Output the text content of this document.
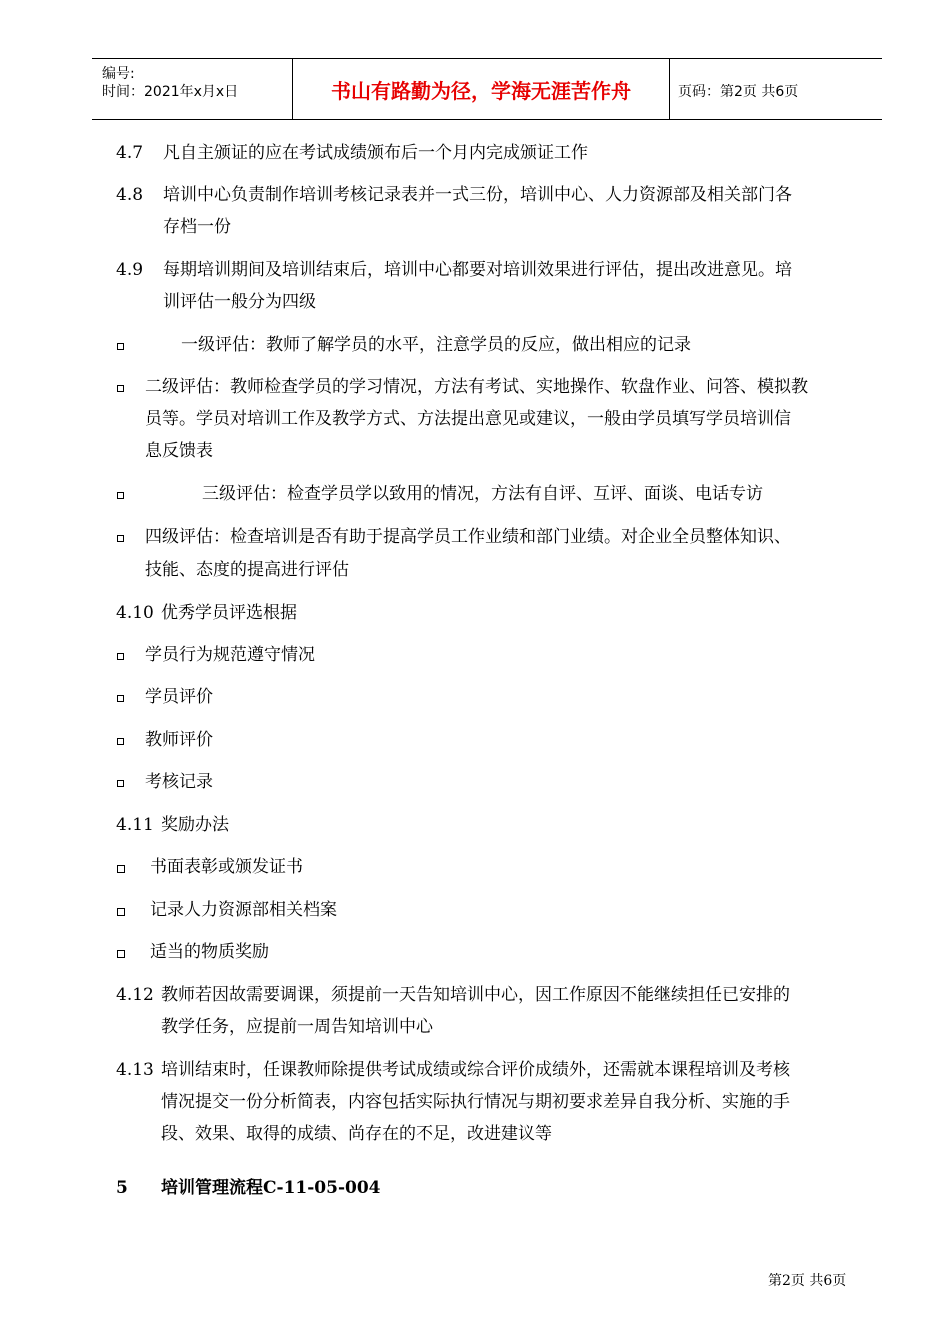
编号:
时间：2021年x月x日	书山有路勤为径，学海无涯苦作舟	页码：第2页 共6页
4.7 凡自主颁证的应在考试成绩颁布后一个月内完成颁证工作
4.8 培训中心负责制作培训考核记录表并一式三份，培训中心、人力资源部及相关部门各
存档一份
4.9 每期培训期间及培训结束后，培训中心都要对培训效果进行评估，提出改进意见。培
训评估一般分为四级
一级评估：教师了解学员的水平，注意学员的反应，做出相应的记录
二级评估：教师检查学员的学习情况，方法有考试、实地操作、软盘作业、问答、模拟教
员等。学员对培训工作及教学方式、方法提出意见或建议，一般由学员填写学员培训信
息反馈表
三级评估：检查学员学以致用的情况，方法有自评、互评、面谈、电话专访
四级评估：检查培训是否有助于提高学员工作业绩和部门业绩。对企业全员整体知识、
技能、态度的提高进行评估
4.10 优秀学员评选根据
学员行为规范遵守情况
学员评价
教师评价
考核记录
4.11 奖励办法
书面表彰或颁发证书
记录人力资源部相关档案
适当的物质奖励
4.12 教师若因故需要调课，须提前一天告知培训中心，因工作原因不能继续担任已安排的
教学任务，应提前一周告知培训中心
4.13 培训结束时，任课教师除提供考试成绩或综合评价成绩外，还需就本课程培训及考核
情况提交一份分析简表，内容包括实际执行情况与期初要求差异自我分析、实施的手
段、效果、取得的成绩、尚存在的不足，改进建议等
5 培训管理流程C-11-05-004
第2页 共6页
